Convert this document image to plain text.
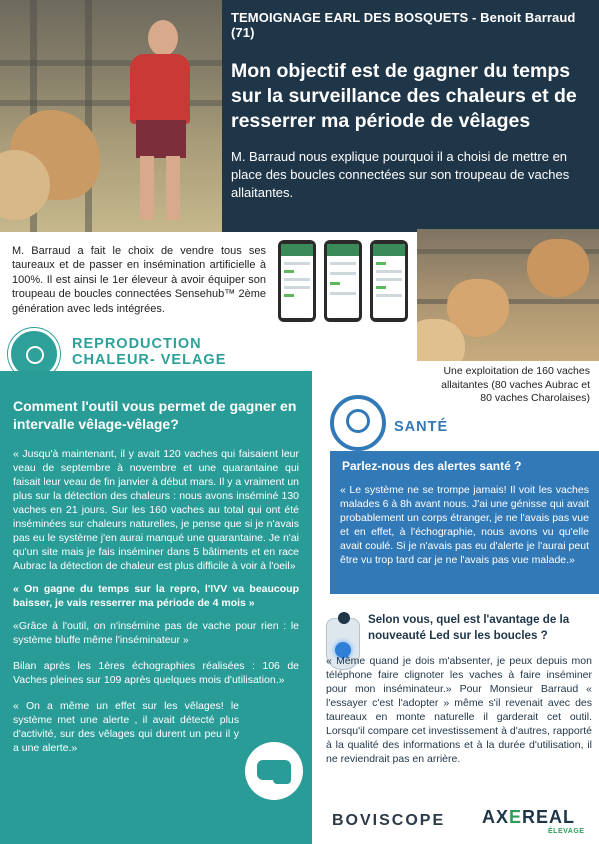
TEMOIGNAGE EARL DES BOSQUETS - Benoit Barraud (71)
Mon objectif est de gagner du temps sur la surveillance des chaleurs et de resserrer ma période de vêlages
M. Barraud nous explique pourquoi il a choisi de mettre en place des boucles connectées sur son troupeau de vaches allaitantes.
M. Barraud a fait le choix de vendre tous ses taureaux et de passer en insémination artificielle à 100%. Il est ainsi le 1er éleveur à avoir équiper son troupeau de boucles connectées Sensehub™ 2ème génération avec leds intégrées.
REPRODUCTION
CHALEUR- VELAGE
Comment l'outil vous permet de gagner en intervalle vêlage-vêlage?

« Jusqu'à maintenant, il y avait 120 vaches qui faisaient leur veau de septembre à novembre et une quarantaine qui faisait leur veau de fin janvier à début mars. Il y a vraiment un plus sur la détection des chaleurs : nous avons inséminé 130 vaches en 21 jours. Sur les 160 vaches au total qui ont été inséminées sur chaleurs naturelles, je pense que si je n'avais pas eu le système j'en aurai manqué une quarantaine. Je n'ai qu'un site mais je fais inséminer dans 5 bâtiments et en race Aubrac la détection de chaleur est plus difficile à voir à l'oeil»

« On gagne du temps sur la repro, l'IVV va beaucoup baisser, je vais resserrer ma période de 4 mois »

«Grâce à l'outil, on n'insémine pas de vache pour rien : le système bluffe même l'inséminateur »

Bilan après les 1ères échographies réalisées : 106 de Vaches pleines sur 109 après quelques mois d'utilisation.»

« On a même un effet sur les vêlages! le système met une alerte , il avait détecté plus d'activité, sur des vêlages qui durent un peu il y a une alerte.»

Une exploitation de 160 vaches allaitantes (80 vaches Aubrac et 80 vaches Charolaises)
SANTÉ
Parlez-nous des alertes santé ?

« Le système ne se trompe jamais! Il voit les vaches malades 6 à 8h avant nous. J'ai une génisse qui avait probablement un corps étranger, je ne l'avais pas vue et en effet, à l'échographie, nous avons vu qu'elle avait coulé. Si je n'avais pas eu d'alerte je l'aurai peut être vu trop tard car je ne l'avais pas vue malade.»

Selon vous, quel est l'avantage de la nouveauté Led sur les boucles ?
« Même quand je dois m'absenter, je peux depuis mon téléphone faire clignoter les vaches à faire inséminer pour mon inséminateur.» Pour Monsieur Barraud « l'essayer c'est l'adopter » même s'il revenait avec des taureaux en monte naturelle il garderait cet outil. Lorsqu'il compare cet investissement à d'autres, rapporté à la qualité des informations et à la durée d'utilisation, il ne reviendrait pas en arrière.
BOVISCOPE AXEREAL
ÉLEVAGE
